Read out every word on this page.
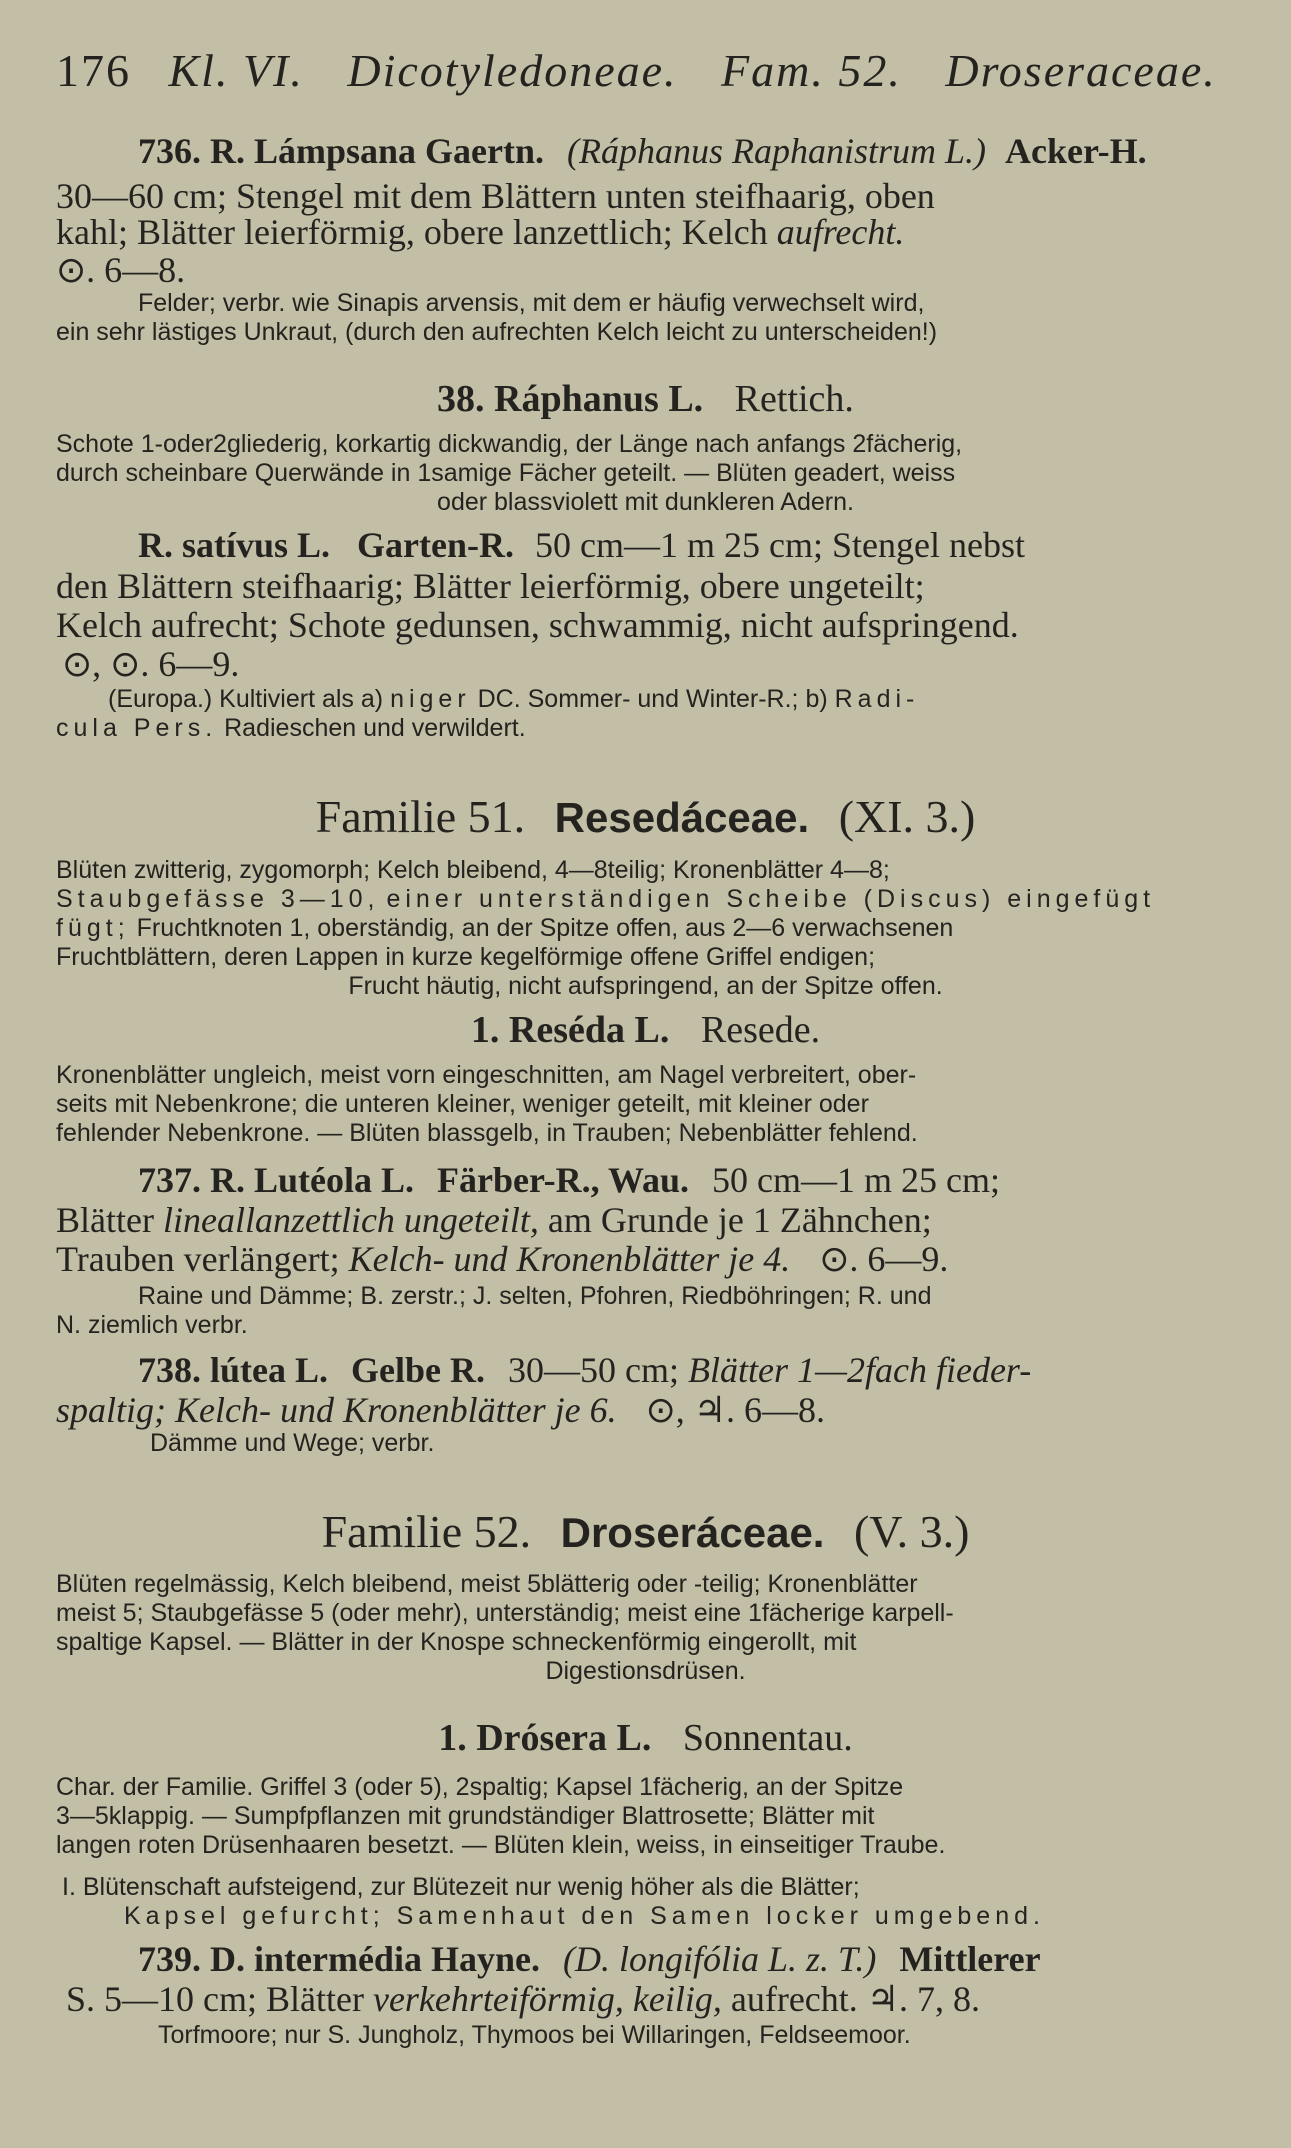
176 Kl. VI. Dicotyledoneae. Fam. 52. Droseraceae.
736. R. Lámpsana Gaertn. (Ráphanus Raphanistrum L.) Acker-H.
30—60 cm; Stengel mit dem Blättern unten steifhaarig, oben
kahl; Blätter leierförmig, obere lanzettlich; Kelch aufrecht.
⊙. 6—8.
Felder; verbr. wie Sinapis arvensis, mit dem er häufig verwechselt wird,
ein sehr lästiges Unkraut, (durch den aufrechten Kelch leicht zu unterscheiden!)
38. Ráphanus L. Rettich.
Schote 1-oder2gliederig, korkartig dickwandig, der Länge nach anfangs 2fächerig,
durch scheinbare Querwände in 1samige Fächer geteilt. — Blüten geadert, weiss
oder blassviolett mit dunkleren Adern.
R. satívus L. Garten-R. 50 cm—1 m 25 cm; Stengel nebst
den Blättern steifhaarig; Blätter leierförmig, obere ungeteilt;
Kelch aufrecht; Schote gedunsen, schwammig, nicht aufspringend.
⊙, ⊙. 6—9.
(Europa.) Kultiviert als a) niger DC. Sommer- und Winter-R.; b) Radi-
cula Pers. Radieschen und verwildert.
Familie 51. Resedáceae. (XI. 3.)
Blüten zwitterig, zygomorph; Kelch bleibend, 4—8teilig; Kronenblätter 4—8;
Staubgefässe 3—10, einer unterständigen Scheibe (Discus) eingefügt
fügt; Fruchtknoten 1, oberständig, an der Spitze offen, aus 2—6 verwachsenen
Fruchtblättern, deren Lappen in kurze kegelförmige offene Griffel endigen;
Frucht häutig, nicht aufspringend, an der Spitze offen.
1. Reséda L. Resede.
Kronenblätter ungleich, meist vorn eingeschnitten, am Nagel verbreitert, ober-
seits mit Nebenkrone; die unteren kleiner, weniger geteilt, mit kleiner oder
fehlender Nebenkrone. — Blüten blassgelb, in Trauben; Nebenblätter fehlend.
737. R. Lutéola L. Färber-R., Wau. 50 cm—1 m 25 cm;
Blätter lineallanzettlich ungeteilt, am Grunde je 1 Zähnchen;
Trauben verlängert; Kelch- und Kronenblätter je 4. ⊙. 6—9.
Raine und Dämme; B. zerstr.; J. selten, Pfohren, Riedböhringen; R. und
N. ziemlich verbr.
738. lútea L. Gelbe R. 30—50 cm; Blätter 1—2fach fieder-
spaltig; Kelch- und Kronenblätter je 6. ⊙, ♃. 6—8.
Dämme und Wege; verbr.
Familie 52. Droseráceae. (V. 3.)
Blüten regelmässig, Kelch bleibend, meist 5blätterig oder -teilig; Kronenblätter
meist 5; Staubgefässe 5 (oder mehr), unterständig; meist eine 1fächerige karpell-
spaltige Kapsel. — Blätter in der Knospe schneckenförmig eingerollt, mit
Digestionsdrüsen.
1. Drósera L. Sonnentau.
Char. der Familie. Griffel 3 (oder 5), 2spaltig; Kapsel 1fächerig, an der Spitze
3—5klappig. — Sumpfpflanzen mit grundständiger Blattrosette; Blätter mit
langen roten Drüsenhaaren besetzt. — Blüten klein, weiss, in einseitiger Traube.
I. Blütenschaft aufsteigend, zur Blütezeit nur wenig höher als die Blätter;
Kapsel gefurcht; Samenhaut den Samen locker umgebend.
739. D. intermédia Hayne. (D. longifólia L. z. T.) Mittlerer
S. 5—10 cm; Blätter verkehrteiförmig, keilig, aufrecht. ♃. 7, 8.
Torfmoore; nur S. Jungholz, Thymoos bei Willaringen, Feldseemoor.
